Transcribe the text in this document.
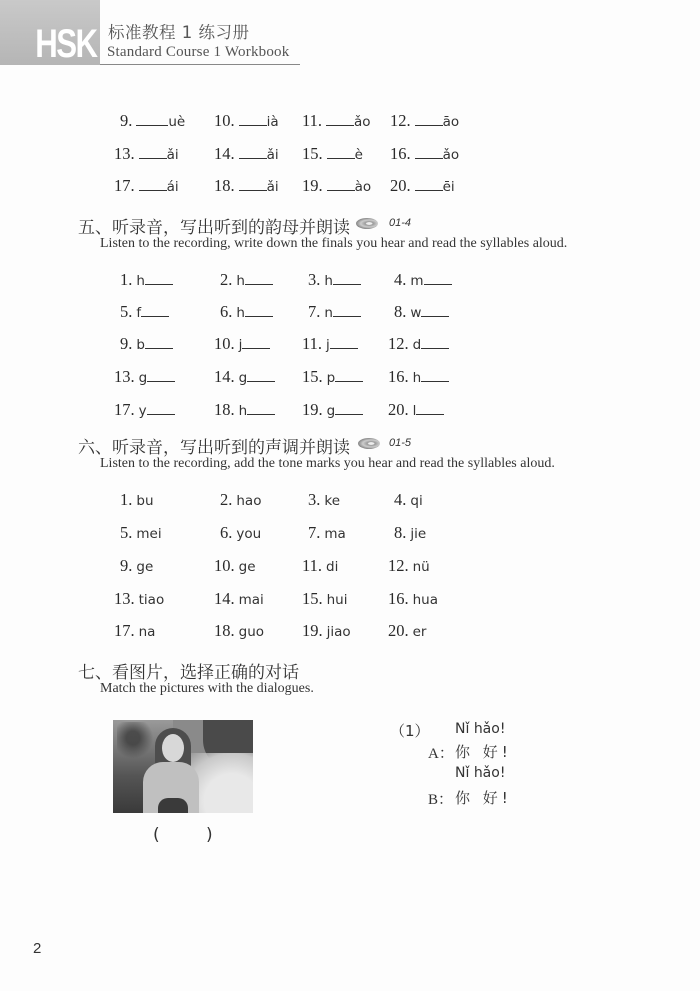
HSK 标准教程 1 练习册
Standard Course 1 Workbook
9.	uè 10. ià 11. ǎo 12. āo
13. ǎi 14. ǎi 15. è 16. ǎo
17. ái 18. ǎi 19. ào 20. ēi
五、听录音，写出听到的韵母并朗读	01-4
Listen to the recording, write down the finals you hear and read the syllables aloud.
1. h	2. h	3. h	4. m
5. f	6. h	7. n	8. w
9. b	10. j	11. j	12. d
13. g	14. g	15. p	16. h
17. y	18. h	19. g	20. l
六、听录音，写出听到的声调并朗读	01-5
Listen to the recording, add the tone marks you hear and read the syllables aloud.
1. bu	2. hao	3. ke	4. qi
5. mei	6. you	7. ma	8. jie
9. ge	10. ge	11. di	12. nü
13. tiao	14. mai 15. hui 16. hua
17. na	18. guo 19. jiao 20. er
七、看图片，选择正确的对话
Match the pictures with the dialogues.
(	)
（1） Nǐ hǎo!
A： 你 好!
Nǐ hǎo!
B： 你 好!
2
